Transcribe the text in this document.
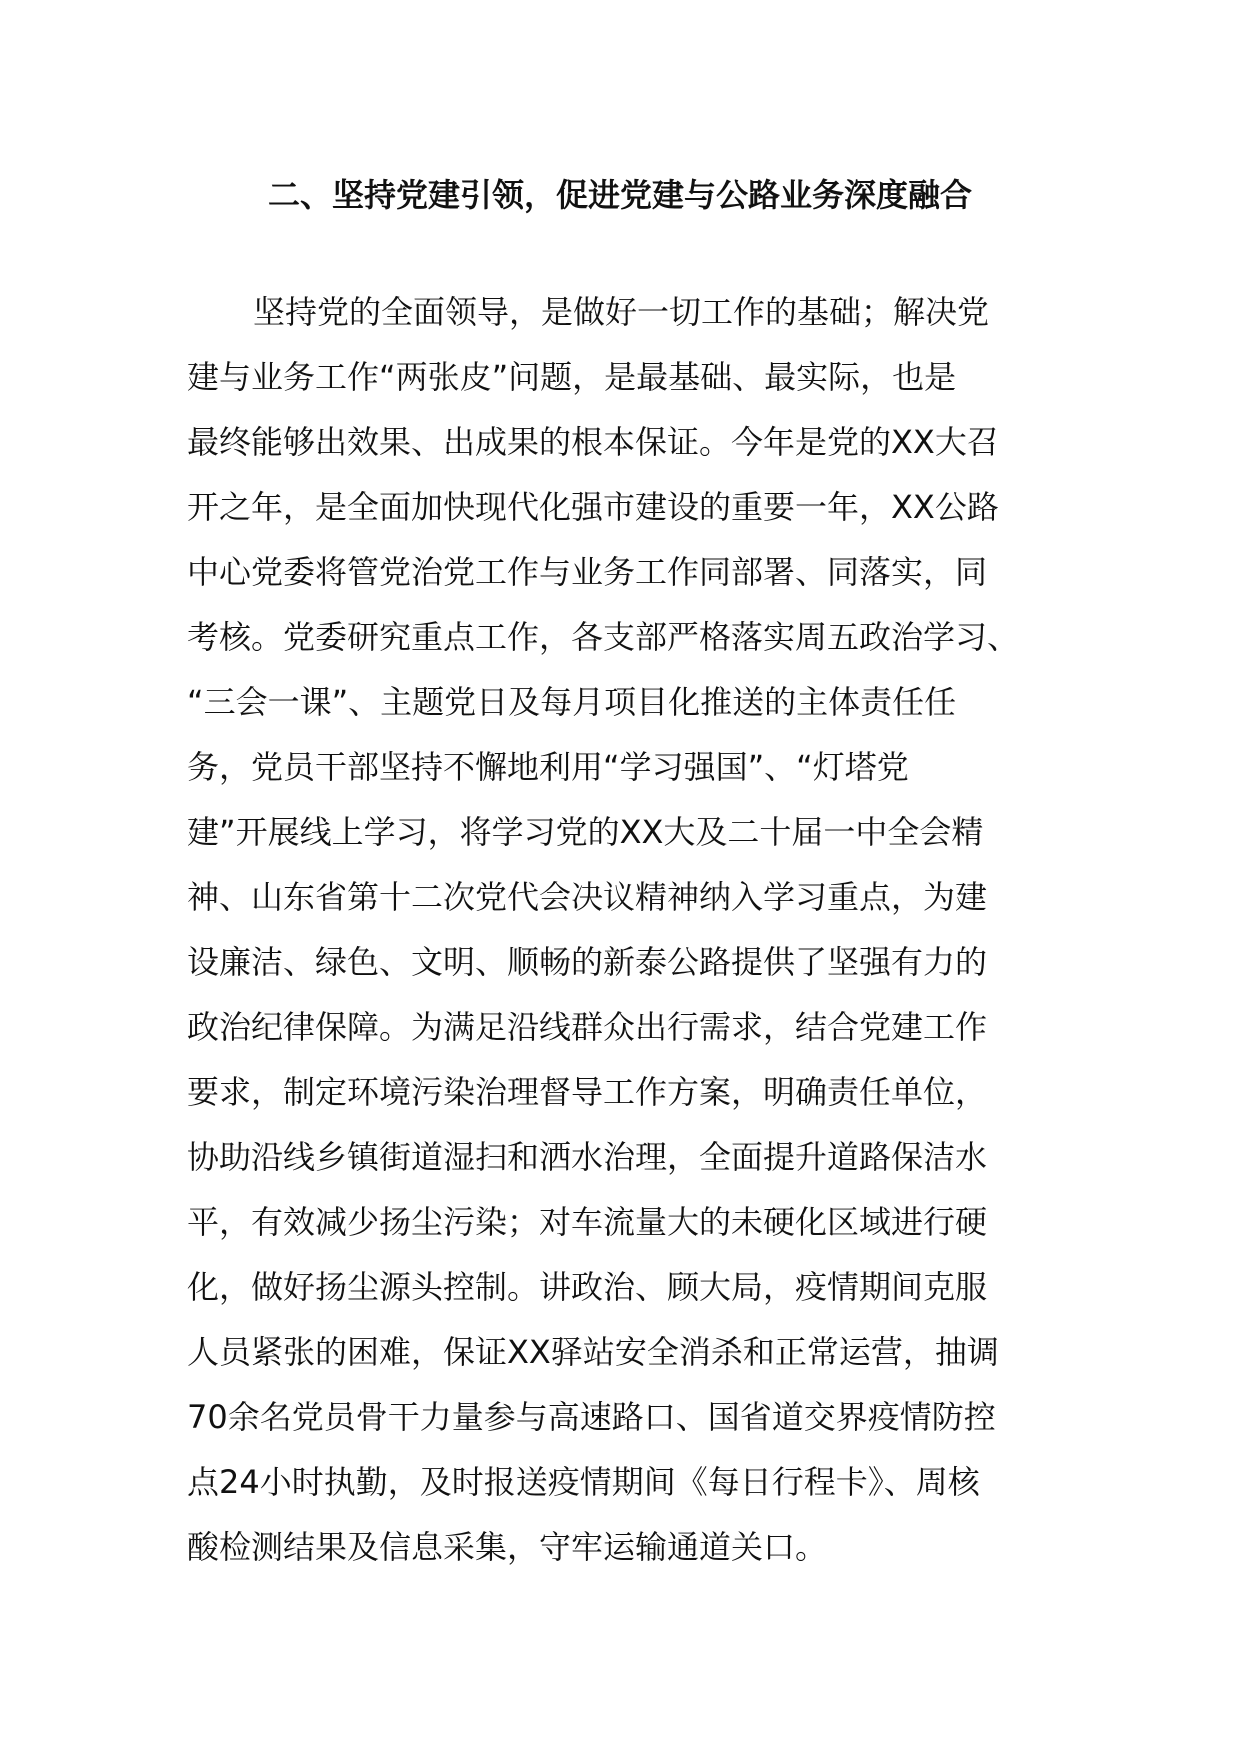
二、坚持党建引领，促进党建与公路业务深度融合
坚持党的全面领导，是做好一切工作的基础；解决党
建与业务工作“两张皮”问题，是最基础、最实际，也是
最终能够出效果、出成果的根本保证。今年是党的XX大召
开之年，是全面加快现代化强市建设的重要一年，XX公路
中心党委将管党治党工作与业务工作同部署、同落实，同
考核。党委研究重点工作，各支部严格落实周五政治学习、
“三会一课”、主题党日及每月项目化推送的主体责任任
务，党员干部坚持不懈地利用“学习强国”、“灯塔党
建”开展线上学习，将学习党的XX大及二十届一中全会精
神、山东省第十二次党代会决议精神纳入学习重点，为建
设廉洁、绿色、文明、顺畅的新泰公路提供了坚强有力的
政治纪律保障。为满足沿线群众出行需求，结合党建工作
要求，制定环境污染治理督导工作方案，明确责任单位，
协助沿线乡镇街道湿扫和洒水治理，全面提升道路保洁水
平，有效减少扬尘污染；对车流量大的未硬化区域进行硬
化，做好扬尘源头控制。讲政治、顾大局，疫情期间克服
人员紧张的困难，保证XX驿站安全消杀和正常运营，抽调
70余名党员骨干力量参与高速路口、国省道交界疫情防控
点24小时执勤，及时报送疫情期间《每日行程卡》、周核
酸检测结果及信息采集，守牢运输通道关口。
